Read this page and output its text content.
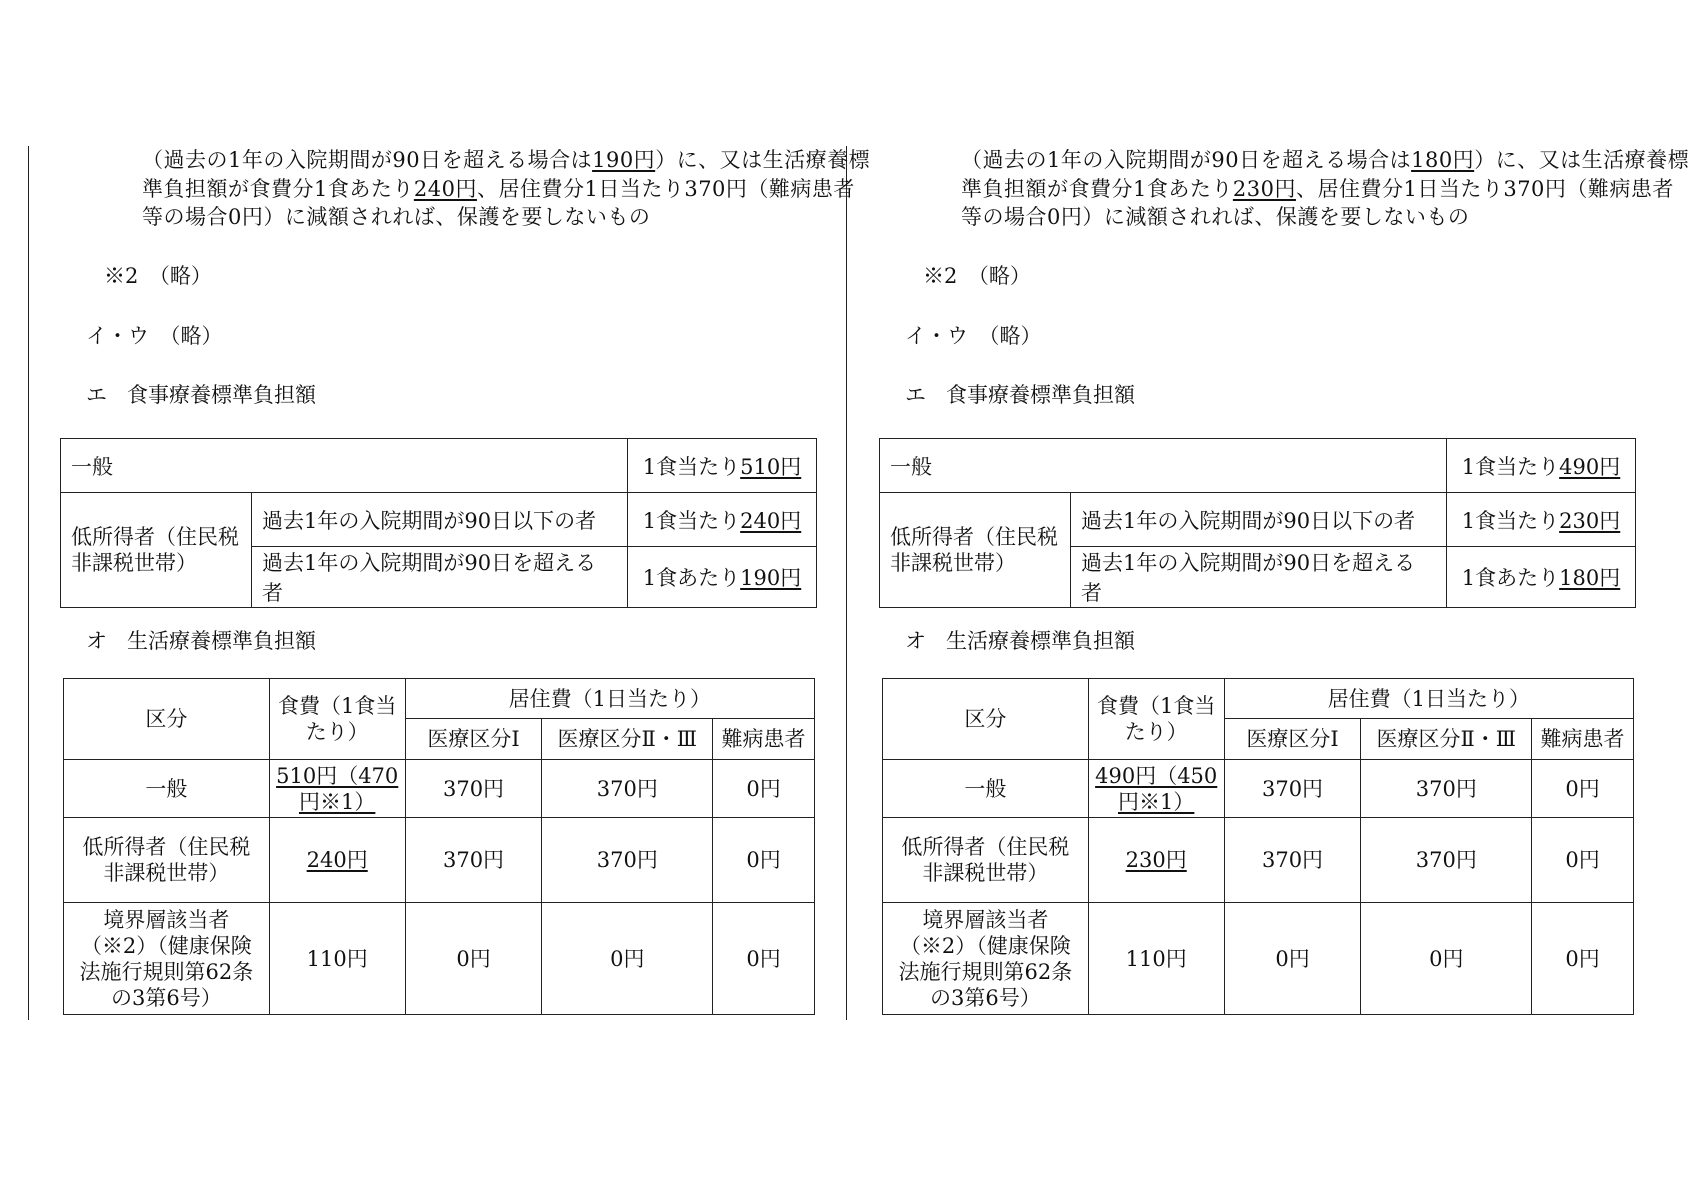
（過去の1年の入院期間が90日を超える場合は190円）に、又は生活療養標
準負担額が食費分1食あたり240円、居住費分1日当たり370円（難病患者
等の場合0円）に減額されれば、保護を要しないもの
※2　（略）
イ・ウ　（略）
エ 食事療養標準負担額
一般		1食当たり510円
低所得者（住民税非課税世帯）	過去1年の入院期間が90日以下の者	1食当たり240円
	過去1年の入院期間が90日を超える者	1食あたり190円
オ 生活療養標準負担額
区分	食費（1食当たり）	居住費（1日当たり）		
		医療区分Ⅰ	医療区分Ⅱ・Ⅲ	難病患者
一般	510円（470円※1）	370円	370円	0円
低所得者（住民税非課税世帯）	240円	370円	370円	0円
境界層該当者（※2）（健康保険法施行規則第62条の3第6号）	110円	0円	0円	0円
（過去の1年の入院期間が90日を超える場合は180円）に、又は生活療養標
準負担額が食費分1食あたり230円、居住費分1日当たり370円（難病患者
等の場合0円）に減額されれば、保護を要しないもの
※2　（略）
イ・ウ　（略）
エ 食事療養標準負担額
一般		1食当たり490円
低所得者（住民税非課税世帯）	過去1年の入院期間が90日以下の者	1食当たり230円
	過去1年の入院期間が90日を超える者	1食あたり180円
オ 生活療養標準負担額
区分	食費（1食当たり）	居住費（1日当たり）		
		医療区分Ⅰ	医療区分Ⅱ・Ⅲ	難病患者
一般	490円（450円※1）	370円	370円	0円
低所得者（住民税非課税世帯）	230円	370円	370円	0円
境界層該当者（※2）（健康保険法施行規則第62条の3第6号）	110円	0円	0円	0円
